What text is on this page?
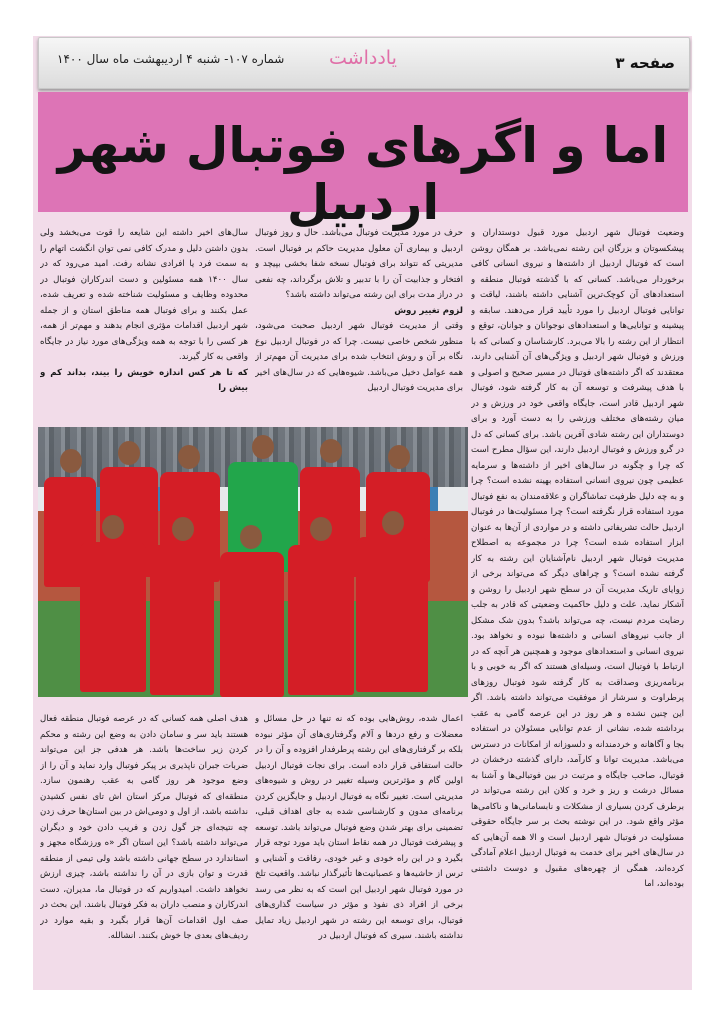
صفحه ۳
یادداشت
شماره ۱۰۷- شنبه ۴ اردیبهشت ماه سال ۱۴۰۰
اما و اگرهای فوتبال شهر اردبیل

وضعیت فوتبال شهر اردبیل مورد قبول دوستداران و پیشکسوتان و بزرگان این رشته نمی‌باشد. بر همگان روشن است که فوتبال اردبیل از داشته‌ها و نیروی انسانی کافی برخوردار می‌باشد. کسانی که با گذشته فوتبال منطقه و استعدادهای آن کوچک‌ترین آشنایی داشته باشند، لیاقت و توانایی فوتبال اردبیل را مورد تأیید قرار می‌دهند. سابقه و پیشینه و توانایی‌ها و استعدادهای نوجوانان و جوانان، توقع و انتظار از این رشته را بالا می‌برد. کارشناسان و کسانی که با ورزش و فوتبال شهر اردبیل و ویژگی‌های آن آشنایی دارند، معتقدند که اگر داشته‌های فوتبال در مسیر صحیح و اصولی و با هدف پیشرفت و توسعه آن به کار گرفته شود، فوتبال شهر اردبیل قادر است، جایگاه واقعی خود در ورزش و در میان رشته‌های مختلف ورزشی را به دست آورد و برای دوستداران این رشته شادی آفرین باشد. برای کسانی که دل در گرو ورزش و فوتبال اردبیل دارند، این سؤال مطرح است که چرا و چگونه در سال‌های اخیر از داشته‌ها و سرمایه عظیمی چون نیروی انسانی استفاده بهینه نشده است؟ چرا و به چه دلیل ظرفیت تماشاگران و علاقه‌مندان به نفع فوتبال مورد استفاده قرار نگرفته است؟ چرا مسئولیت‌ها در فوتبال اردبیل حالت تشریفاتی داشته و در مواردی از آن‌ها به عنوان ابزار استفاده شده است؟ چرا در مجموعه به اصطلاح مدیریت فوتبال شهر اردبیل نام‌آشنایان این رشته به کار گرفته نشده است؟ و چراهای دیگر که می‌تواند برخی از زوایای تاریک مدیریت آن در سطح شهر اردبیل را روشن و آشکار نماید. علت و دلیل حاکمیت وضعیتی که قادر به جلب رضایت مردم نیست، چه می‌تواند باشد؟ بدون شک مشکل از جانب نیروهای انسانی و داشته‌ها نبوده و نخواهد بود. نیروی انسانی و استعدادهای موجود و همچنین هر آنچه که در ارتباط با فوتبال است، وسیله‌ای هستند که اگر به خوبی و با برنامه‌ریزی وصداقت به کار گرفته شود فوتبال روزهای پرطراوت و سرشار از موفقیت می‌تواند داشته باشد. اگر این چنین نشده و هر روز در این عرصه گامی به عقب برداشته شده، نشانی از عدم توانایی مسئولان در استفاده بجا و آگاهانه و خردمندانه و دلسوزانه از امکانات در دسترس می‌باشد. مدیریت توانا و کارآمد، دارای گذشته درخشان در فوتبال، صاحب جایگاه و مرتبت در بین فوتبالی‌ها و آشنا به مسائل درشت و ریز و خرد و کلان این رشته می‌تواند در برطرف کردن بسیاری از مشکلات و نابسامانی‌ها و ناکامی‌ها مؤثر واقع شود. در این نوشته بحث بر سر جایگاه حقوقی مسئولیت در فوتبال شهر اردبیل است و الا همه آن‌هایی که در سال‌های اخیر برای خدمت به فوتبال اردبیل اعلام آمادگی کرده‌اند، همگی از چهره‌های مقبول و دوست داشتنی بوده‌اند، اما

حرف در مورد مدیریت فوتبال می‌باشد. حال و روز فوتبال اردبیل و بیماری آن معلول مدیریت حاکم بر فوتبال است. مدیریتی که نتواند برای فوتبال نسخه شفا بخشی بپیچد و افتخار و جذابیت آن را با تدبیر و تلاش برگرداند، چه نفعی در دراز مدت برای این رشته می‌تواند داشته باشد؟

لزوم تغییر روش

وقتی از مدیریت فوتبال شهر اردبیل صحبت می‌شود، منظور شخص خاصی نیست. چرا که در فوتبال اردبیل نوع نگاه بر آن و روش انتخاب شده برای مدیریت آن مهم‌تر از همه عوامل دخیل می‌باشد. شیوه‌هایی که در سال‌های اخیر برای مدیریت فوتبال اردبیل

سال‌های اخیر داشته این شایعه را قوت می‌بخشد ولی بدون داشتن دلیل و مدرک کافی نمی توان انگشت اتهام را به سمت فرد یا افرادی نشانه رفت. امید می‌رود که در سال ۱۴۰۰ همه مسئولین و دست اندرکاران فوتبال در محدوده وظایف و مسئولیت شناخته شده و تعریف شده، عمل بکنند و برای فوتبال همه مناطق استان و از جمله شهر اردبیل اقدامات مؤثری انجام بدهند و مهم‌تر از همه، هر کسی را با توجه به همه ویژگی‌های مورد نیاز در جایگاه واقعی به کار گیرند.

که تا هر کس اندازه خویش را بیند، بداند کم و بیش را

اعمال شده، روش‌هایی بوده که نه تنها در حل مسائل و معضلات و رفع دردها و آلام وگرفتاری‌های آن مؤثر نبوده بلکه بر گرفتاری‌های این رشته پرطرفدار افزوده و آن را در حالت استفاقی قرار داده است. برای نجات فوتبال اردبیل اولین گام و مؤثرترین وسیله تغییر در روش و شیوه‌های مدیریتی است. تغییر نگاه به فوتبال اردبیل و جایگزین کردن برنامه‌ای مدون و کارشناسی شده به جای اهداف قبلی، تضمینی برای بهتر شدن وضع فوتبال می‌تواند باشد. توسعه و پیشرفت فوتبال در همه نقاط استان باید مورد توجه قرار بگیرد و در این راه خودی و غیر خودی، رفاقت و آشنایی و ترس از حاشیه‌ها و عصبانیت‌ها تأثیرگذار نباشد. واقعیت تلخ در مورد فوتبال شهر اردبیل این است که به نظر می رسد برخی از افراد ذی نفوذ و مؤثر در سیاست گذاری‌های فوتبال، برای توسعه این رشته در شهر اردبیل زیاد تمایل نداشته باشند. سیری که فوتبال اردبیل در

هدف اصلی همه کسانی که در عرصه فوتبال منطقه فعال هستند باید سر و سامان دادن به وضع این رشته و محکم کردن زیر ساخت‌ها باشد. هر هدفی جز این می‌تواند ضربات جبران ناپذیری بر پیکر فوتبال وارد نماید و آن را از وضع موجود هر روز گامی به عقب رهنمون سازد. منطقه‌ای که فوتبال مرکز استان اش تای نفس کشیدن نداشته باشد، از اول و دومی‌اش در بین استان‌ها حرف زدن چه نتیجه‌ای جز گول زدن و فریب دادن خود و دیگران می‌تواند داشته باشد؟ این استان اگر «ه ورزشگاه مجهز و استاندارد در سطح جهانی داشته باشد ولی تیمی از منطقه قدرت و توان بازی در آن را نداشته باشد، چیزی ارزش نخواهد داشت. امیدواریم که در فوتبال ما، مدیران، دست اندرکاران و منصب داران به فکر فوتبال باشند. این بحث در صف اول اقدامات آن‌ها قرار بگیرد و بقیه موارد در ردیف‌های بعدی جا خوش بکنند. انشالله.
